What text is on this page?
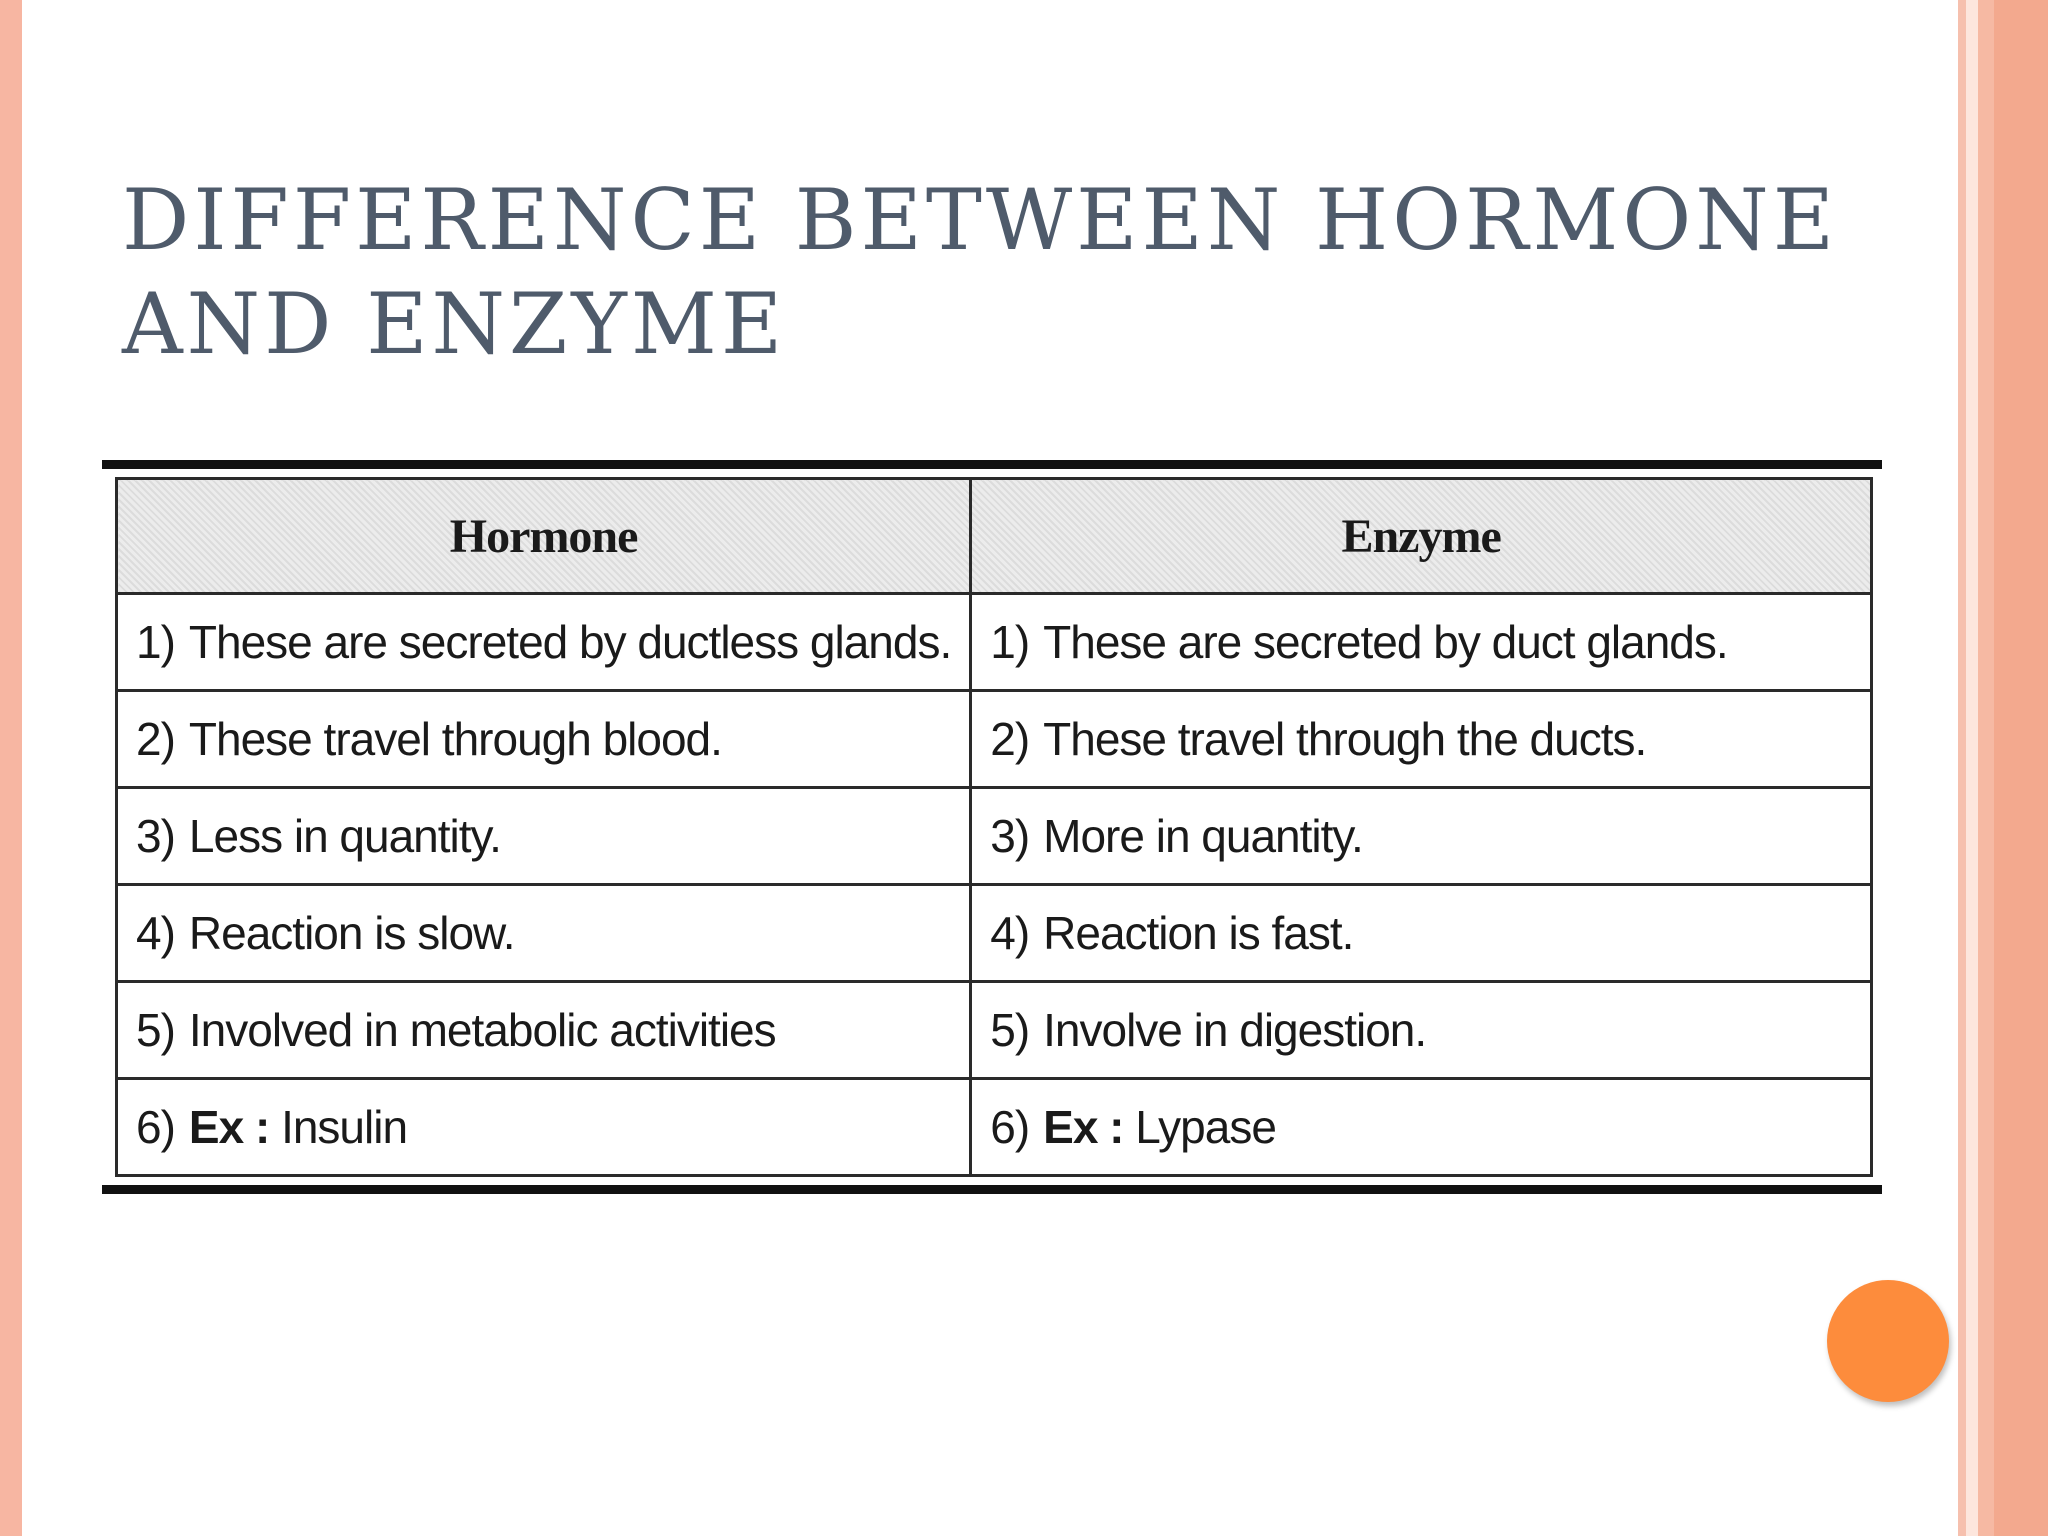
DIFFERENCE BETWEEN HORMONE
AND ENZYME
Hormone	Enzyme
1) These are secreted by ductless glands.	1) These are secreted by duct glands.
2) These travel through blood.	2) These travel through the ducts.
3) Less in quantity.	3) More in quantity.
4) Reaction is slow.	4) Reaction is fast.
5) Involved in metabolic activities	5) Involve in digestion.
6) Ex : Insulin	6) Ex : Lypase
